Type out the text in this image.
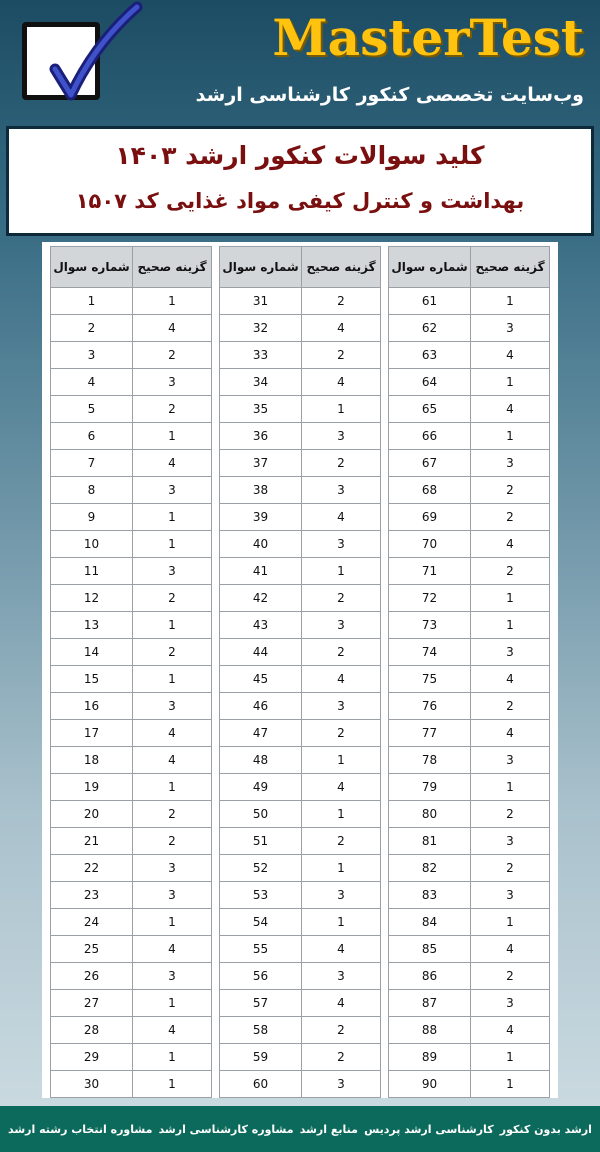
MasterTest
وب‌سایت تخصصی کنکور کارشناسی ارشد
کلید سوالات کنکور ارشد ۱۴۰۳
بهداشت و کنترل کیفی مواد غذایی کد ۱۵۰۷
شماره سوال	گزینه صحیح
1	1
2	4
3	2
4	3
5	2
6	1
7	4
8	3
9	1
10	1
11	3
12	2
13	1
14	2
15	1
16	3
17	4
18	4
19	1
20	2
21	2
22	3
23	3
24	1
25	4
26	3
27	1
28	4
29	1
30	1
شماره سوال	گزینه صحیح
31	2
32	4
33	2
34	4
35	1
36	3
37	2
38	3
39	4
40	3
41	1
42	2
43	3
44	2
45	4
46	3
47	2
48	1
49	4
50	1
51	2
52	1
53	3
54	1
55	4
56	3
57	4
58	2
59	2
60	3
شماره سوال	گزینه صحیح
61	1
62	3
63	4
64	1
65	4
66	1
67	3
68	2
69	2
70	4
71	2
72	1
73	1
74	3
75	4
76	2
77	4
78	3
79	1
80	2
81	3
82	2
83	3
84	1
85	4
86	2
87	3
88	4
89	1
90	1
ارشد بدون کنکور
کارشناسی ارشد پردیس
منابع ارشد
مشاوره کارشناسی ارشد
مشاوره انتخاب رشته ارشد
